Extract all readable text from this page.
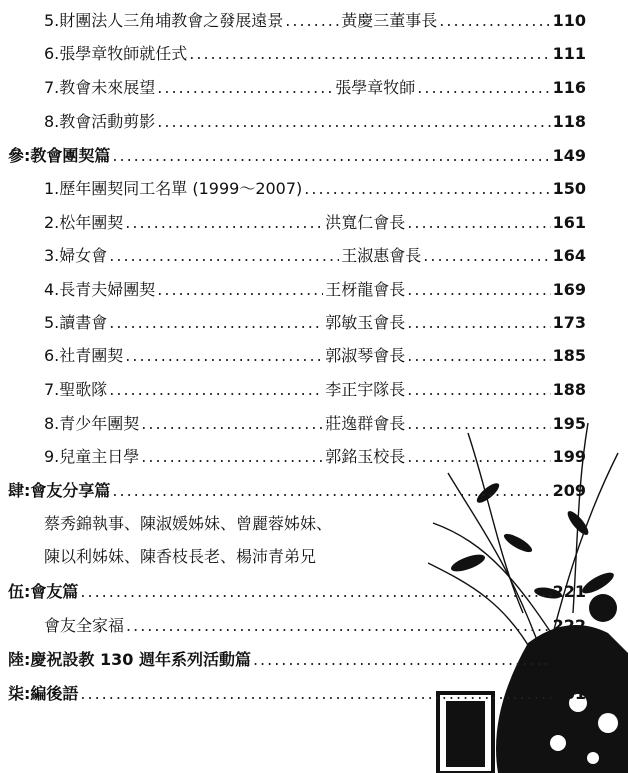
5.財團法人三角埔教會之發展遠景 .....	黃慶三董事長 .....	110
6.張學章牧師就任式 .....	111
7.教會未來展望 .....	張學章牧師 .....	116
8.教會活動剪影 .....	118
參:教會團契篇 .....	149
1.歷年團契同工名單 (1999～2007) .....	150
2.松年團契 .....	洪寬仁會長 .....	161
3.婦女會 .....	王淑惠會長 .....	164
4.長青夫婦團契 .....	王枒龍會長 .....	169
5.讀書會 .....	郭敏玉會長 .....	173
6.社青團契 .....	郭淑琴會長 .....	185
7.聖歌隊 .....	李正宇隊長 .....	188
8.青少年團契 .....	莊逸群會長 .....	195
9.兒童主日學 .....	郭銘玉校長 .....	199
肆:會友分享篇 .....	209
蔡秀錦執事、陳淑媛姊妹、曾麗蓉姊妹、
陳以利姊妹、陳香枝長老、楊沛青弟兄
伍:會友篇 .....	221
會友全家福 .....	222
陸:慶祝設教 130 週年系列活動篇 .....	250
柒:編後語 .....	261
